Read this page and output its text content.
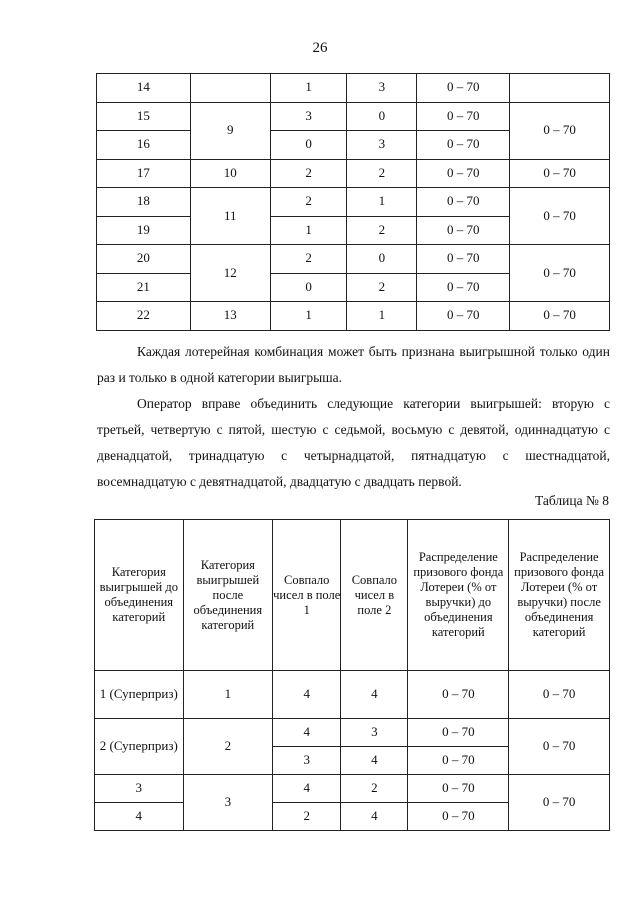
26
14		1	3	0 – 70	
15	9	3	0	0 – 70	0 – 70
16		0	3	0 – 70	
17	10	2	2	0 – 70	0 – 70
18	11	2	1	0 – 70	0 – 70
19		1	2	0 – 70	
20	12	2	0	0 – 70	0 – 70
21		0	2	0 – 70	
22	13	1	1	0 – 70	0 – 70

Каждая лотерейная комбинация может быть признана выигрышной только один раз и только в одной категории выигрыша.

Оператор вправе объединить следующие категории выигрышей: вторую с третьей, четвертую с пятой, шестую с седьмой, восьмую с девятой, одиннадцатую с двенадцатой, тринадцатую с четырнадцатой, пятнадцатую с шестнадцатой, восемнадцатую с девятнадцатой, двадцатую с двадцать первой.

Таблица № 8
Категория выигрышей до объединения категорий	Категория выигрышей после объединения категорий	Совпало чисел в поле 1	Совпало чисел в поле 2	Распределение призового фонда Лотереи (% от выручки) до объединения категорий	Распределение призового фонда Лотереи (% от выручки) после объединения категорий
1 (Суперприз)	1	4	4	0 – 70	0 – 70
2 (Суперприз)	2	4	3	0 – 70	0 – 70
		3	4	0 – 70	
3	3	4	2	0 – 70	0 – 70
4		2	4	0 – 70	
